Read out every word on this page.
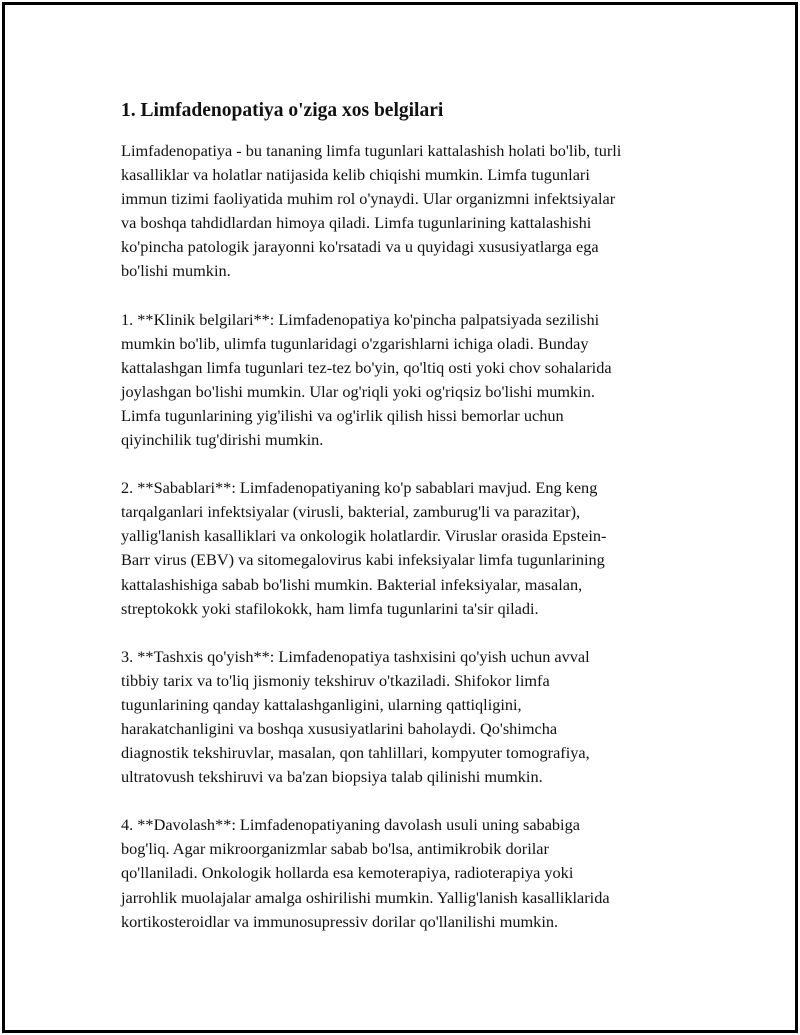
1. Limfadenopatiya o'ziga xos belgilari

Limfadenopatiya - bu tananing limfa tugunlari kattalashish holati bo'lib, turli
kasalliklar va holatlar natijasida kelib chiqishi mumkin. Limfa tugunlari
immun tizimi faoliyatida muhim rol o'ynaydi. Ular organizmni infektsiyalar
va boshqa tahdidlardan himoya qiladi. Limfa tugunlarining kattalashishi
ko'pincha patologik jarayonni ko'rsatadi va u quyidagi xususiyatlarga ega
bo'lishi mumkin.

1. **Klinik belgilari**: Limfadenopatiya ko'pincha palpatsiyada sezilishi
mumkin bo'lib, ulimfa tugunlaridagi o'zgarishlarni ichiga oladi. Bunday
kattalashgan limfa tugunlari tez-tez bo'yin, qo'ltiq osti yoki chov sohalarida
joylashgan bo'lishi mumkin. Ular og'riqli yoki og'riqsiz bo'lishi mumkin.
Limfa tugunlarining yig'ilishi va og'irlik qilish hissi bemorlar uchun
qiyinchilik tug'dirishi mumkin.

2. **Sabablari**: Limfadenopatiyaning ko'p sabablari mavjud. Eng keng
tarqalganlari infektsiyalar (virusli, bakterial, zamburug'li va parazitar),
yallig'lanish kasalliklari va onkologik holatlardir. Viruslar orasida Epstein-
Barr virus (EBV) va sitomegalovirus kabi infeksiyalar limfa tugunlarining
kattalashishiga sabab bo'lishi mumkin. Bakterial infeksiyalar, masalan,
streptokokk yoki stafilokokk, ham limfa tugunlarini ta'sir qiladi.

3. **Tashxis qo'yish**: Limfadenopatiya tashxisini qo'yish uchun avval
tibbiy tarix va to'liq jismoniy tekshiruv o'tkaziladi. Shifokor limfa
tugunlarining qanday kattalashganligini, ularning qattiqligini,
harakatchanligini va boshqa xususiyatlarini baholaydi. Qo'shimcha
diagnostik tekshiruvlar, masalan, qon tahlillari, kompyuter tomografiya,
ultratovush tekshiruvi va ba'zan biopsiya talab qilinishi mumkin.

4. **Davolash**: Limfadenopatiyaning davolash usuli uning sababiga
bog'liq. Agar mikroorganizmlar sabab bo'lsa, antimikrobik dorilar
qo'llaniladi. Onkologik hollarda esa kemoterapiya, radioterapiya yoki
jarrohlik muolajalar amalga oshirilishi mumkin. Yallig'lanish kasalliklarida
kortikosteroidlar va immunosupressiv dorilar qo'llanilishi mumkin.
